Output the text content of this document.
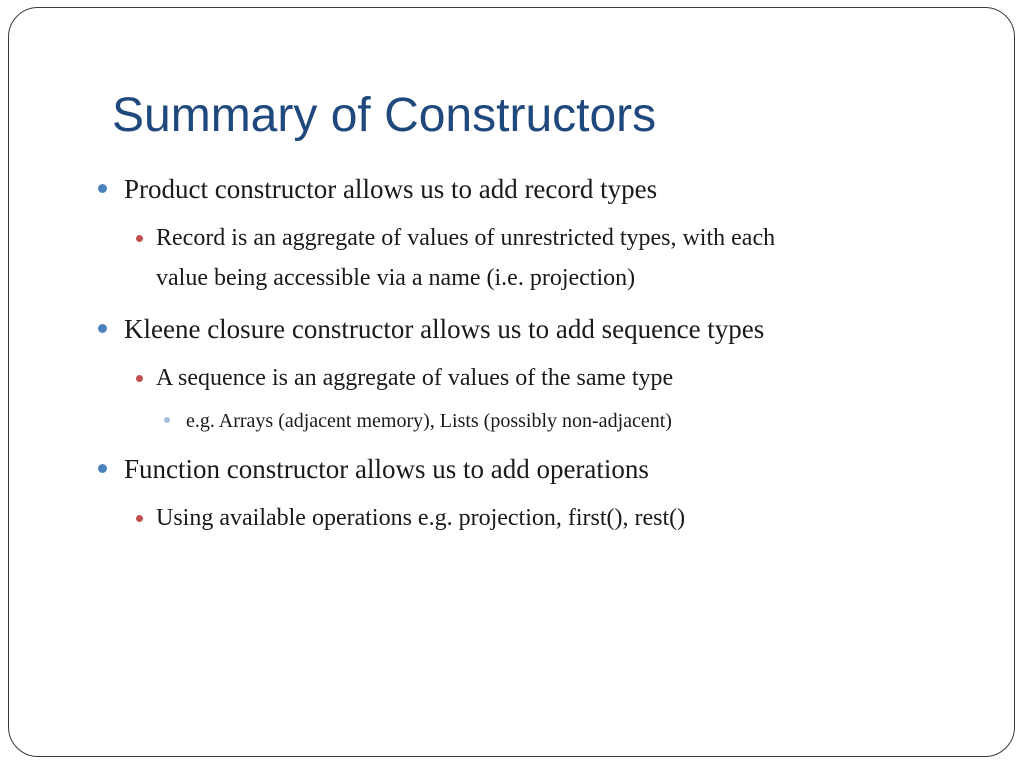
Summary of Constructors
Product constructor allows us to add record types
Record is an aggregate of values of unrestricted types, with each
value being accessible via a name (i.e. projection)
Kleene closure constructor allows us to add sequence types
A sequence is an aggregate of values of the same type
e.g. Arrays (adjacent memory), Lists (possibly non-adjacent)
Function constructor allows us to add operations
Using available operations e.g. projection, first(), rest()
